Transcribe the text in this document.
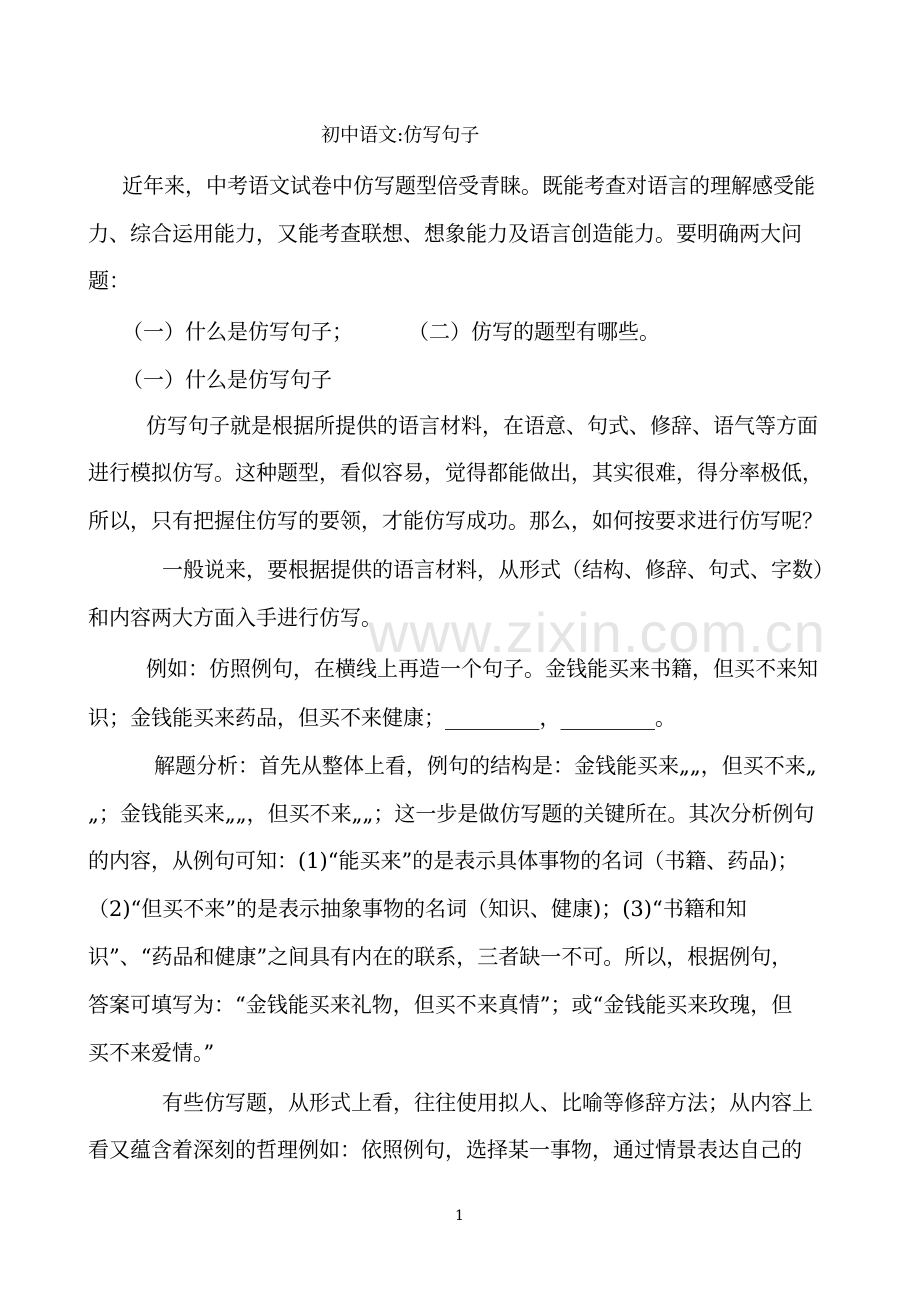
初中语文:仿写句子
近年来，中考语文试卷中仿写题型倍受青睐。既能考查对语言的理解感受能
力、综合运用能力，又能考查联想、想象能力及语言创造能力。要明确两大问
题：
（一）什么是仿写句子；	（二）仿写的题型有哪些。
（一）什么是仿写句子
仿写句子就是根据所提供的语言材料，在语意、句式、修辞、语气等方面
进行模拟仿写。这种题型，看似容易，觉得都能做出，其实很难，得分率极低，
所以，只有把握住仿写的要领，才能仿写成功。那么，如何按要求进行仿写呢？
一般说来，要根据提供的语言材料，从形式（结构、修辞、句式、字数）
和内容两大方面入手进行仿写。
例如：仿照例句，在横线上再造一个句子。金钱能买来书籍，但买不来知
识；金钱能买来药品，但买不来健康；_________，_________。
解题分析：首先从整体上看，例句的结构是：金钱能买来„„，但买不来„
„；金钱能买来„„，但买不来„„；这一步是做仿写题的关键所在。其次分析例句
的内容，从例句可知：(1)“能买来”的是表示具体事物的名词（书籍、药品)；
（2)“但买不来”的是表示抽象事物的名词（知识、健康)；(3)“书籍和知
识”、“药品和健康”之间具有内在的联系，三者缺一不可。所以，根据例句，
答案可填写为：“金钱能买来礼物，但买不来真情”；或“金钱能买来玫瑰，但
买不来爱情。”
有些仿写题，从形式上看，往往使用拟人、比喻等修辞方法；从内容上
看又蕴含着深刻的哲理例如：依照例句，选择某一事物，通过情景表达自己的
www.zixin.com.cn
1
